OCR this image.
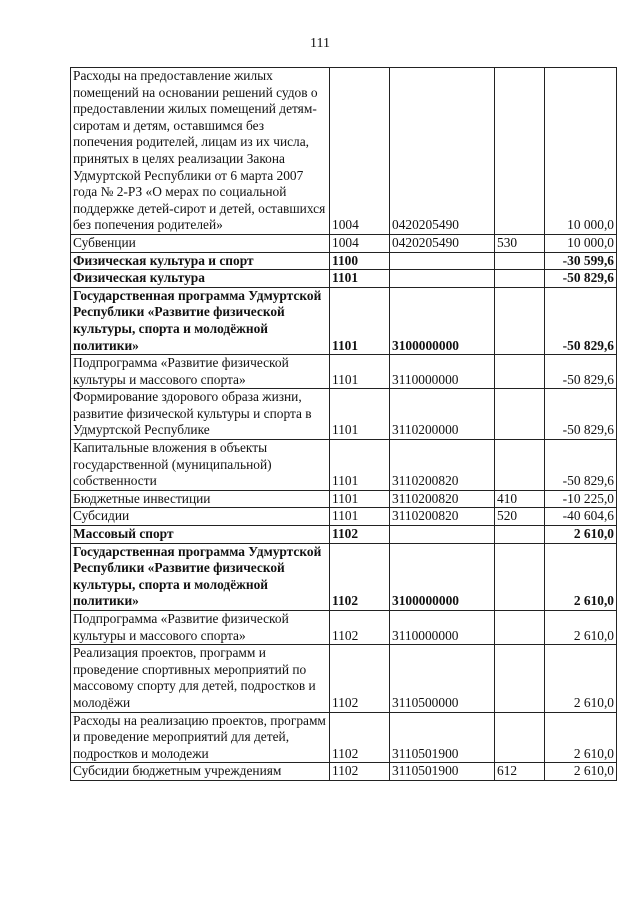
111
Расходы на предоставление жилых помещений на основании решений судов о предоставлении жилых помещений детям-сиротам и детям, оставшимся без попечения родителей, лицам из их числа, принятых в целях реализации Закона Удмуртской Республики от 6 марта 2007 года № 2-РЗ «О мерах по социальной поддержке детей-сирот и детей, оставшихся без попечения родителей»	1004	0420205490		10 000,0
Субвенции	1004	0420205490	530	10 000,0
Физическая культура и спорт	1100			-30 599,6
Физическая культура	1101			-50 829,6
Государственная программа Удмуртской Республики «Развитие физической культуры, спорта и молодёжной политики»	1101	3100000000		-50 829,6
Подпрограмма «Развитие физической культуры и массового спорта»	1101	3110000000		-50 829,6
Формирование здорового образа жизни, развитие физической культуры и спорта в Удмуртской Республике	1101	3110200000		-50 829,6
Капитальные вложения в объекты государственной (муниципальной) собственности	1101	3110200820		-50 829,6
Бюджетные инвестиции	1101	3110200820	410	-10 225,0
Субсидии	1101	3110200820	520	-40 604,6
Массовый спорт	1102			2 610,0
Государственная программа Удмуртской Республики «Развитие физической культуры, спорта и молодёжной политики»	1102	3100000000		2 610,0
Подпрограмма «Развитие физической культуры и массового спорта»	1102	3110000000		2 610,0
Реализация проектов, программ и проведение спортивных мероприятий по массовому спорту для детей, подростков и молодёжи	1102	3110500000		2 610,0
Расходы на реализацию проектов, программ и проведение мероприятий для детей, подростков и молодежи	1102	3110501900		2 610,0
Субсидии бюджетным учреждениям	1102	3110501900	612	2 610,0
